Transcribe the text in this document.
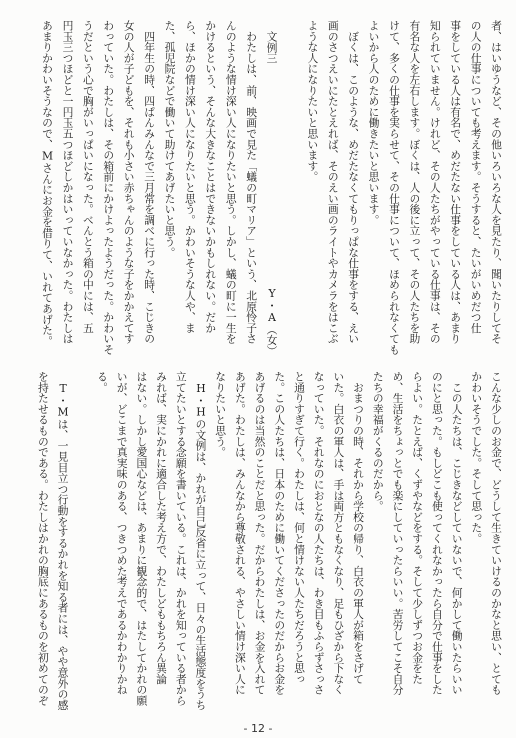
者、はいゆうなど、その他いろいろな人を見たり、聞いたりしてそ
の人の仕事についても考えます。そうすると、たいがいめだつ仕
事をしている人は有名で、めだたない仕事をしている人は、あまり
知られていません。けれど、その人たちがやっている仕事は、その
有名な人を左右します。ぼくは、人の後に立って、その人たちを助
けて、多くの仕事を実らせて、その仕事について、ほめられなくても
よいから人のために働きたいと思います。
　ぼくは、このような、めだたなくてもりっぱな仕事をする、えい
画のさつえいにたとえれば、そのえい画のライトやカメラをはこぶ
ような人になりたいと思います。
文例三
Y・A（女）
　わたしは、前、映画で見た「蟻の町マリア」という、北原怜子さ
んのような情け深い人になりたいと思う。しかし、蟻の町に一生を
かけるという、そんな大きなことはできないかもしれない。だか
ら、ほかの情け深い人になりたいと思う。かわいそうな人や、ま
た、孤児院などで働いて助けてあげたいと思う。
　四年生の時、四ぱんみんなで三月常を調べに行った時、こじきの
女の人が子どもを、それも小さい赤ちゃんのような子をかかえてす
わっていた。わたしは、その箱前にかけよったようだった。かわいそ
うだという心で胸がいっぱいになった。べんとう箱の中には、五
円玉三つほどと一円玉五つほどしかはいっていなかった。わたしは
あまりかわいそうなので、Mさんにお金を借りて、いれてあげた。
こんな少しのお金で、どうして生きていけるのかなと思い、とても
かわいそうでした。そして思った。
　この人たちは、こじきなどしていないで、何かして働いたらいい
のにと思った。もしどこも使ってくれなかったら自分で仕事をした
らよい。たとえば、くずやなどをする。そして少しずつお金をた
め、生活をちょっとでも楽にしていったらいい。苦労してこそ自分
たちの幸福がくるのだから。
　おまつりの時、それから学校の帰り、白衣の軍人が箱をさげて
いた。白衣の軍人は、手は両方ともなくなり、足もひざから下なく
なっていた。それなのにおとなの人たちは、わき目もふらずさっさ
と通りすぎて行く。わたしは、何と情けない人たちだろうと思っ
た。この人たちは、日本のために働いてくださったのだからお金を
あげるのは当然のことだと思った。だからわたしは、お金を入れて
あげた。わたしは、みんなから尊敬される、やさしい情け深い人に
なりたいと思う。
　H・Hの文例は、かれが自己反省に立って、日々の生活態度をうち
立てたいとする念願を書いている。これは、かれを知っている者から
みれば、実にかれに適合した考え方で、わたしどももちろん異論
はない。しかし愛国心などは、あまりに観念的で、はたしてかれの願
いが、どこまで真実味のある、つきつめた考えであるかわかりかね
る。
　T・Mは、一見目立つ行動をするかれを知る者には、やや意外の感
を持たせるものである。わたしはかれの胸底にあるものを初めてのぞ
- 12 -
